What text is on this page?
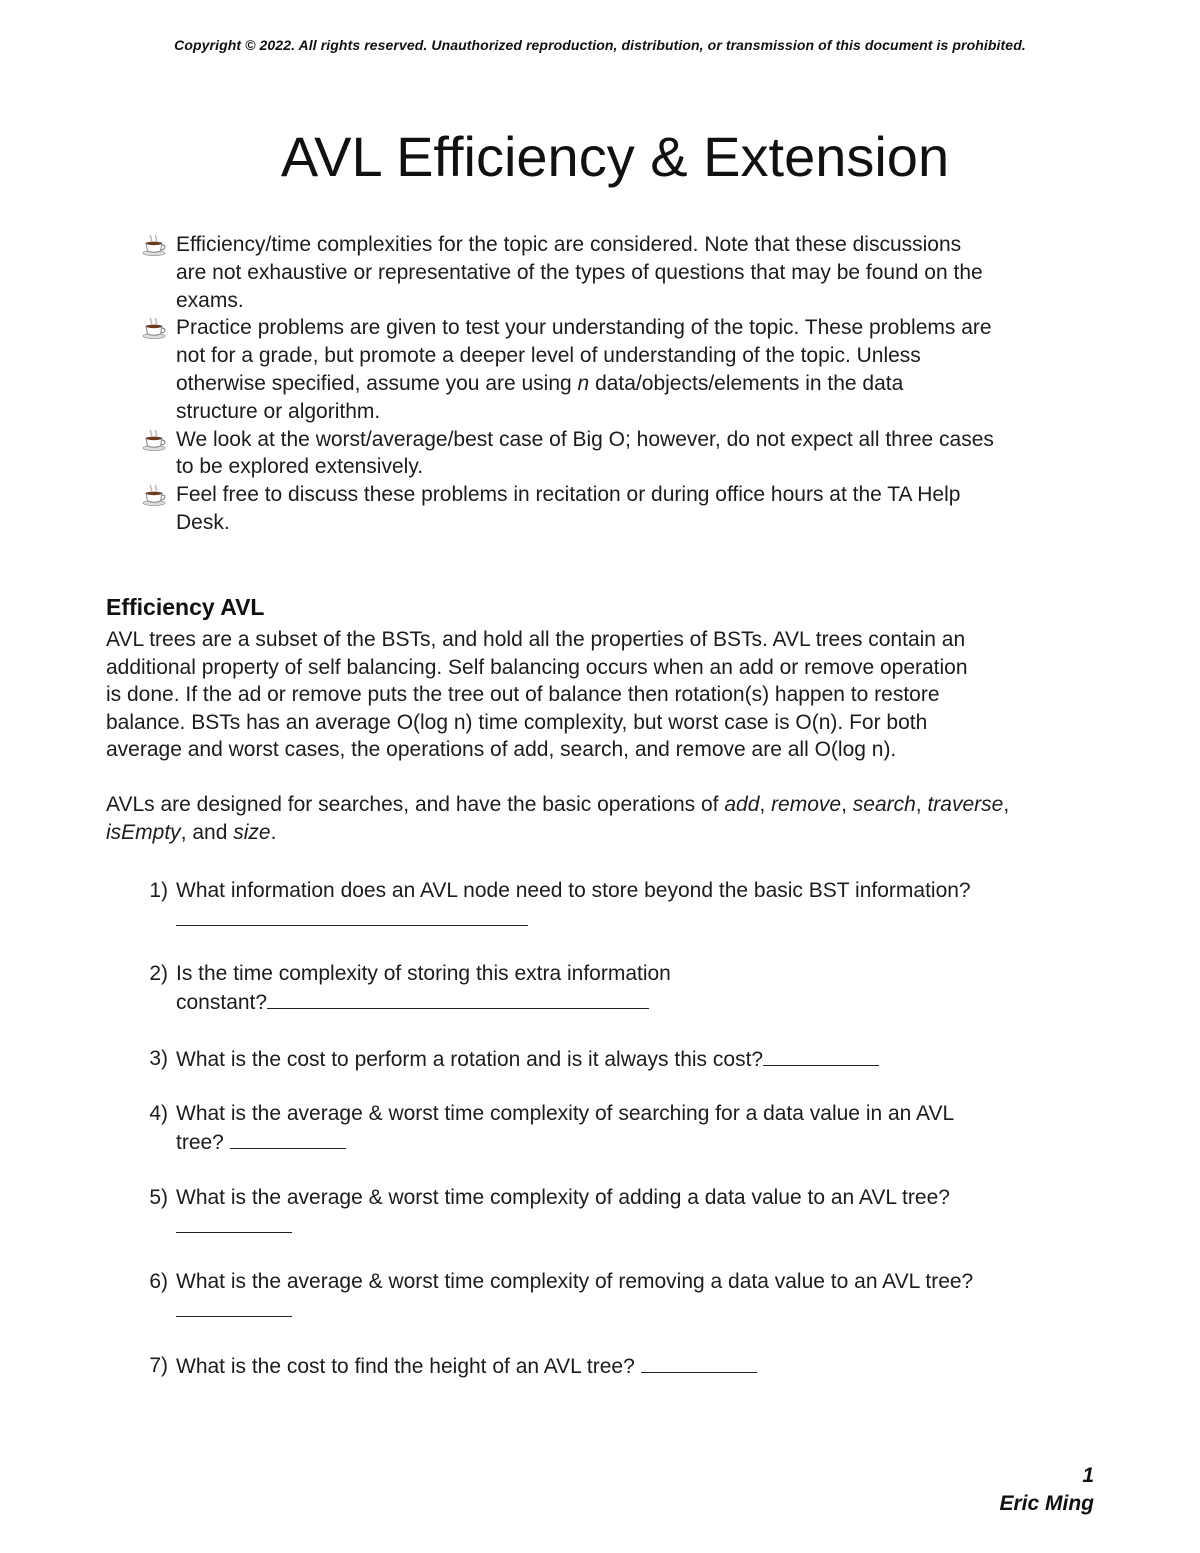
Copyright © 2022. All rights reserved. Unauthorized reproduction, distribution, or transmission of this document is prohibited.
AVL Efficiency & Extension
Efficiency/time complexities for the topic are considered. Note that these discussions
are not exhaustive or representative of the types of questions that may be found on the
exams.
Practice problems are given to test your understanding of the topic. These problems are
not for a grade, but promote a deeper level of understanding of the topic. Unless
otherwise specified, assume you are using n data/objects/elements in the data
structure or algorithm.
We look at the worst/average/best case of Big O; however, do not expect all three cases
to be explored extensively.
Feel free to discuss these problems in recitation or during office hours at the TA Help
Desk.
Efficiency AVL

AVL trees are a subset of the BSTs, and hold all the properties of BSTs. AVL trees contain an
additional property of self balancing. Self balancing occurs when an add or remove operation
is done. If the ad or remove puts the tree out of balance then rotation(s) happen to restore
balance. BSTs has an average O(log n) time complexity, but worst case is O(n). For both
average and worst cases, the operations of add, search, and remove are all O(log n).

AVLs are designed for searches, and have the basic operations of add, remove, search, traverse,
isEmpty, and size.

1) What information does an AVL node need to store beyond the basic BST information?

2) Is the time complexity of storing this extra information
constant?
3) What is the cost to perform a rotation and is it always this cost?
4) What is the average & worst time complexity of searching for a data value in an AVL
tree?
5) What is the average & worst time complexity of adding a data value to an AVL tree?

6) What is the average & worst time complexity of removing a data value to an AVL tree?

7) What is the cost to find the height of an AVL tree?
1
Eric Ming
